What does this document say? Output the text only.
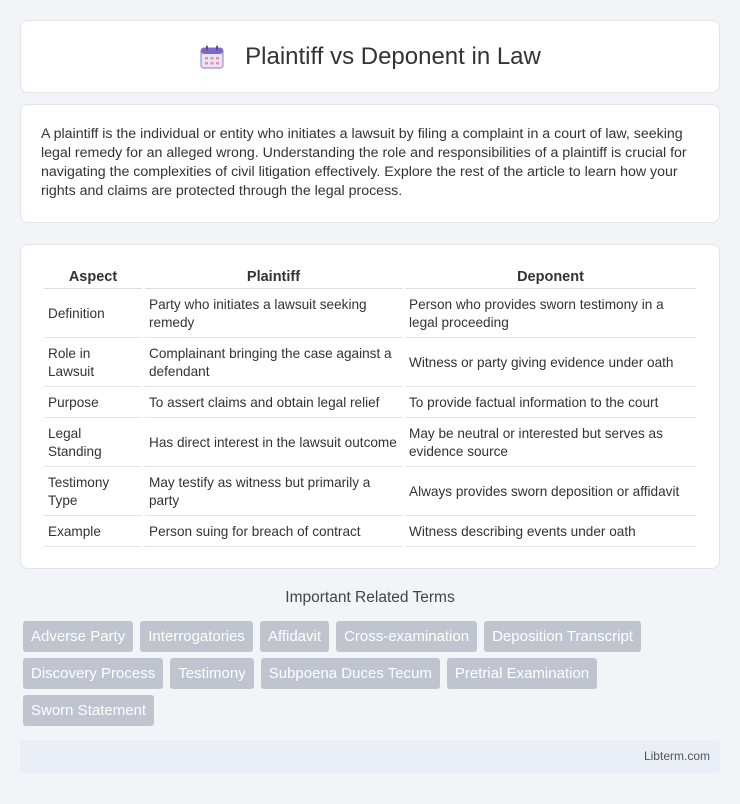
Plaintiff vs Deponent in Law

A plaintiff is the individual or entity who initiates a lawsuit by filing a complaint in a court of law, seeking legal remedy for an alleged wrong. Understanding the role and responsibilities of a plaintiff is crucial for navigating the complexities of civil litigation effectively. Explore the rest of the article to learn how your rights and claims are protected through the legal process.

Aspect	Plaintiff	Deponent
Definition	Party who initiates a lawsuit seeking remedy	Person who provides sworn testimony in a legal proceeding
Role in Lawsuit	Complainant bringing the case against a defendant	Witness or party giving evidence under oath
Purpose	To assert claims and obtain legal relief	To provide factual information to the court
Legal Standing	Has direct interest in the lawsuit outcome	May be neutral or interested but serves as evidence source
Testimony Type	May testify as witness but primarily a party	Always provides sworn deposition or affidavit
Example	Person suing for breach of contract	Witness describing events under oath
Important Related Terms
Adverse Party	Interrogatories	Affidavit	Cross-examination	Deposition Transcript
Discovery Process	Testimony	Subpoena Duces Tecum	Pretrial Examination
Sworn Statement
Libterm.com
